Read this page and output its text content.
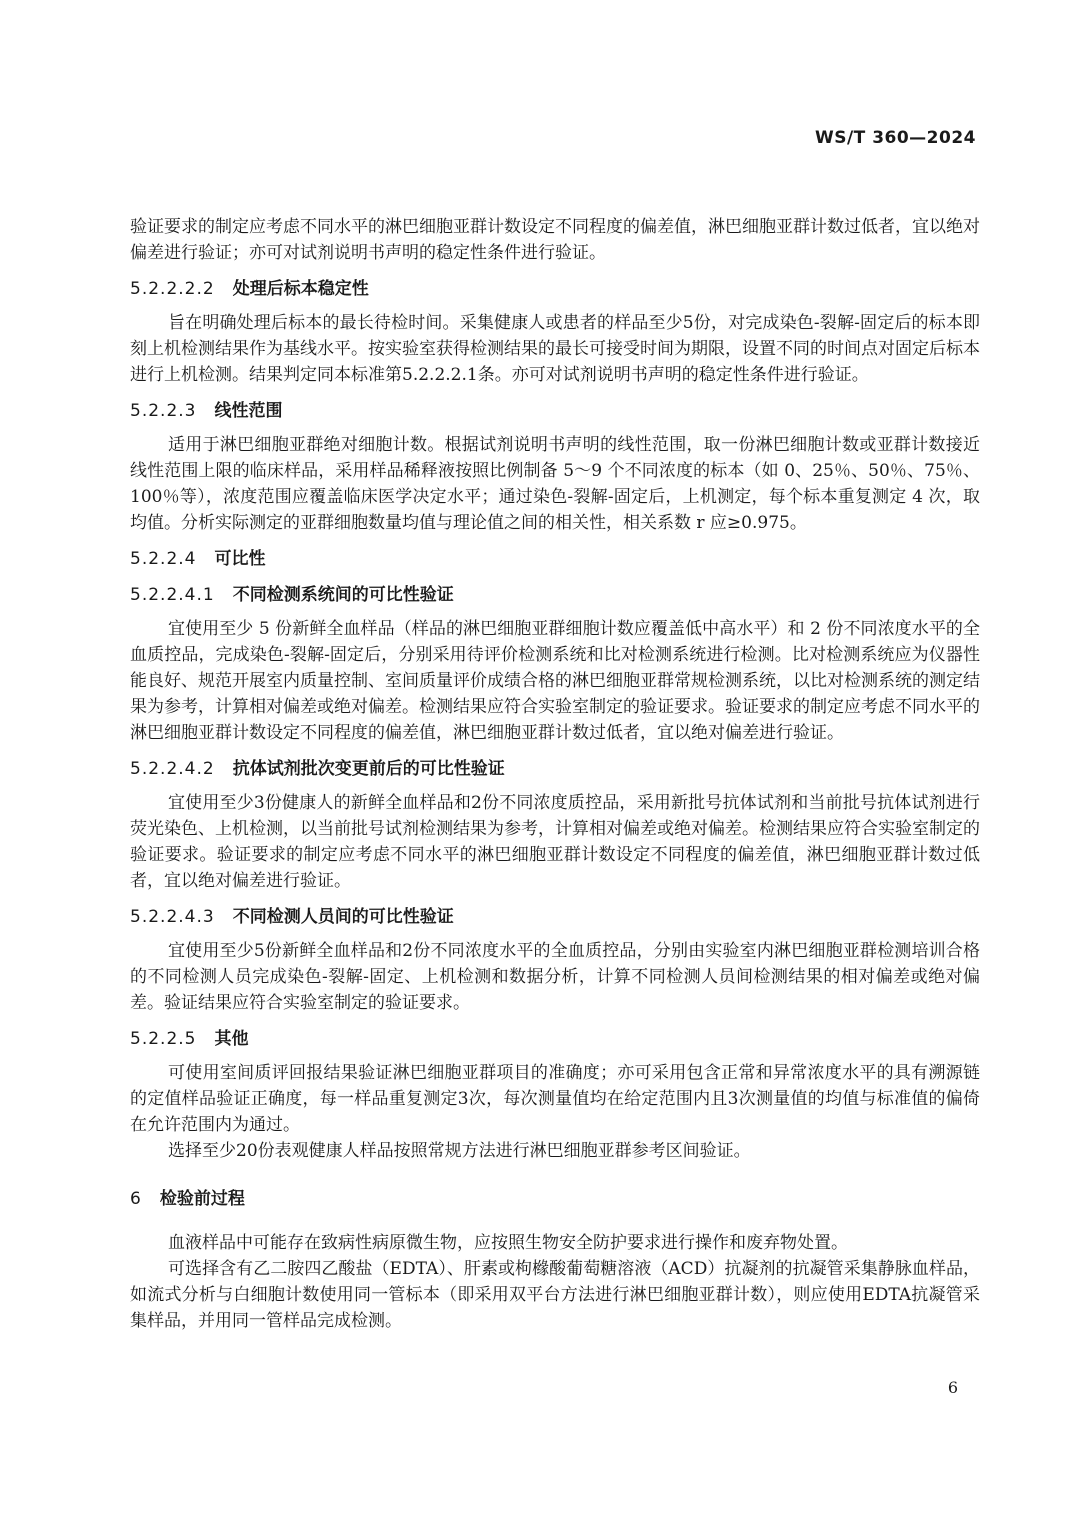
WS/T 360—2024

验证要求的制定应考虑不同水平的淋巴细胞亚群计数设定不同程度的偏差值，淋巴细胞亚群计数过低者，宜以绝对偏差进行验证；亦可对试剂说明书声明的稳定性条件进行验证。

5.2.2.2.2 处理后标本稳定性

旨在明确处理后标本的最长待检时间。采集健康人或患者的样品至少5份，对完成染色-裂解-固定后的标本即刻上机检测结果作为基线水平。按实验室获得检测结果的最长可接受时间为期限，设置不同的时间点对固定后标本进行上机检测。结果判定同本标准第5.2.2.2.1条。亦可对试剂说明书声明的稳定性条件进行验证。

5.2.2.3 线性范围

适用于淋巴细胞亚群绝对细胞计数。根据试剂说明书声明的线性范围，取一份淋巴细胞计数或亚群计数接近线性范围上限的临床样品，采用样品稀释液按照比例制备 5～9 个不同浓度的标本（如 0、25％、50％、75％、100％等），浓度范围应覆盖临床医学决定水平；通过染色-裂解-固定后，上机测定，每个标本重复测定 4 次，取均值。分析实际测定的亚群细胞数量均值与理论值之间的相关性，相关系数 r 应≥0.975。

5.2.2.4 可比性
5.2.2.4.1 不同检测系统间的可比性验证

宜使用至少 5 份新鲜全血样品（样品的淋巴细胞亚群细胞计数应覆盖低中高水平）和 2 份不同浓度水平的全血质控品，完成染色-裂解-固定后，分别采用待评价检测系统和比对检测系统进行检测。比对检测系统应为仪器性能良好、规范开展室内质量控制、室间质量评价成绩合格的淋巴细胞亚群常规检测系统，以比对检测系统的测定结果为参考，计算相对偏差或绝对偏差。检测结果应符合实验室制定的验证要求。验证要求的制定应考虑不同水平的淋巴细胞亚群计数设定不同程度的偏差值，淋巴细胞亚群计数过低者，宜以绝对偏差进行验证。

5.2.2.4.2 抗体试剂批次变更前后的可比性验证

宜使用至少3份健康人的新鲜全血样品和2份不同浓度质控品，采用新批号抗体试剂和当前批号抗体试剂进行荧光染色、上机检测，以当前批号试剂检测结果为参考，计算相对偏差或绝对偏差。检测结果应符合实验室制定的验证要求。验证要求的制定应考虑不同水平的淋巴细胞亚群计数设定不同程度的偏差值，淋巴细胞亚群计数过低者，宜以绝对偏差进行验证。

5.2.2.4.3 不同检测人员间的可比性验证

宜使用至少5份新鲜全血样品和2份不同浓度水平的全血质控品，分别由实验室内淋巴细胞亚群检测培训合格的不同检测人员完成染色-裂解-固定、上机检测和数据分析，计算不同检测人员间检测结果的相对偏差或绝对偏差。验证结果应符合实验室制定的验证要求。

5.2.2.5 其他

可使用室间质评回报结果验证淋巴细胞亚群项目的准确度；亦可采用包含正常和异常浓度水平的具有溯源链的定值样品验证正确度，每一样品重复测定3次，每次测量值均在给定范围内且3次测量值的均值与标准值的偏倚在允许范围内为通过。

选择至少20份表观健康人样品按照常规方法进行淋巴细胞亚群参考区间验证。

6 检验前过程

血液样品中可能存在致病性病原微生物，应按照生物安全防护要求进行操作和废弃物处置。

可选择含有乙二胺四乙酸盐（EDTA）、肝素或枸橼酸葡萄糖溶液（ACD）抗凝剂的抗凝管采集静脉血样品，如流式分析与白细胞计数使用同一管标本（即采用双平台方法进行淋巴细胞亚群计数），则应使用EDTA抗凝管采集样品，并用同一管样品完成检测。

6
